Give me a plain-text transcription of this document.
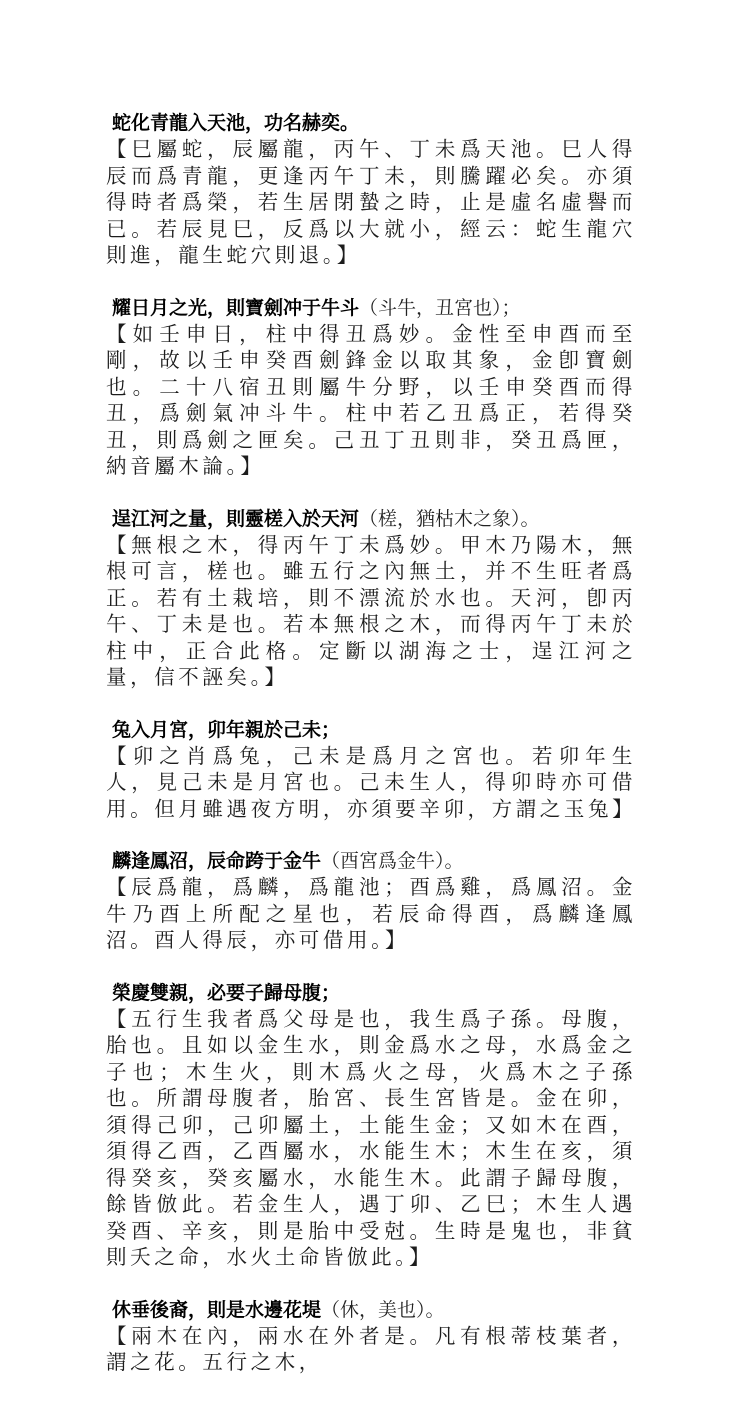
蛇化青龍入天池，功名赫奕。
【巳屬蛇，辰屬龍，丙午、丁未爲天池。巳人得辰而爲青龍，更逢丙午丁未，則騰躍必矣。亦須得時者爲榮，若生居閉蟄之時，止是虛名虛譽而已。若辰見巳，反爲以大就小，經云：蛇生龍穴則進，龍生蛇穴則退。】
耀日月之光，則寶劍冲于牛斗（斗牛，丑宮也）；
【如壬申日，柱中得丑爲妙。金性至申酉而至剛，故以壬申癸酉劍鋒金以取其象，金卽寶劍也。二十八宿丑則屬牛分野，以壬申癸酉而得丑，爲劍氣冲斗牛。柱中若乙丑爲正，若得癸丑，則爲劍之匣矣。己丑丁丑則非，癸丑爲匣，納音屬木論。】
逞江河之量，則靈槎入於天河（槎，猶枯木之象）。
【無根之木，得丙午丁未爲妙。甲木乃陽木，無根可言，槎也。雖五行之內無土，并不生旺者爲正。若有土栽培，則不漂流於水也。天河，卽丙午、丁未是也。若本無根之木，而得丙午丁未於柱中，正合此格。定斷以湖海之士，逞江河之量，信不誣矣。】
兔入月宮，卯年親於己未；
【卯之肖爲兔，己未是爲月之宮也。若卯年生人，見己未是月宮也。己未生人，得卯時亦可借用。但月雖遇夜方明，亦須要辛卯，方謂之玉兔】
麟逢鳳沼，辰命跨于金牛（酉宮爲金牛）。
【辰爲龍，爲麟，爲龍池；酉爲雞，爲鳳沼。金牛乃酉上所配之星也，若辰命得酉，爲麟逢鳳沼。酉人得辰，亦可借用。】
榮慶雙親，必要子歸母腹；
【五行生我者爲父母是也，我生爲子孫。母腹，胎也。且如以金生水，則金爲水之母，水爲金之子也；木生火，則木爲火之母，火爲木之子孫也。所謂母腹者，胎宮、長生宮皆是。金在卯，須得己卯，己卯屬土，土能生金；又如木在酉，須得乙酉，乙酉屬水，水能生木；木生在亥，須得癸亥，癸亥屬水，水能生木。此謂子歸母腹，餘皆倣此。若金生人，遇丁卯、乙巳；木生人遇癸酉、辛亥，則是胎中受尅。生時是鬼也，非貧則夭之命，水火土命皆倣此。】
休垂後裔，則是水邊花堤（休，美也）。
【兩木在內，兩水在外者是。凡有根蒂枝葉者，謂之花。五行之木，
